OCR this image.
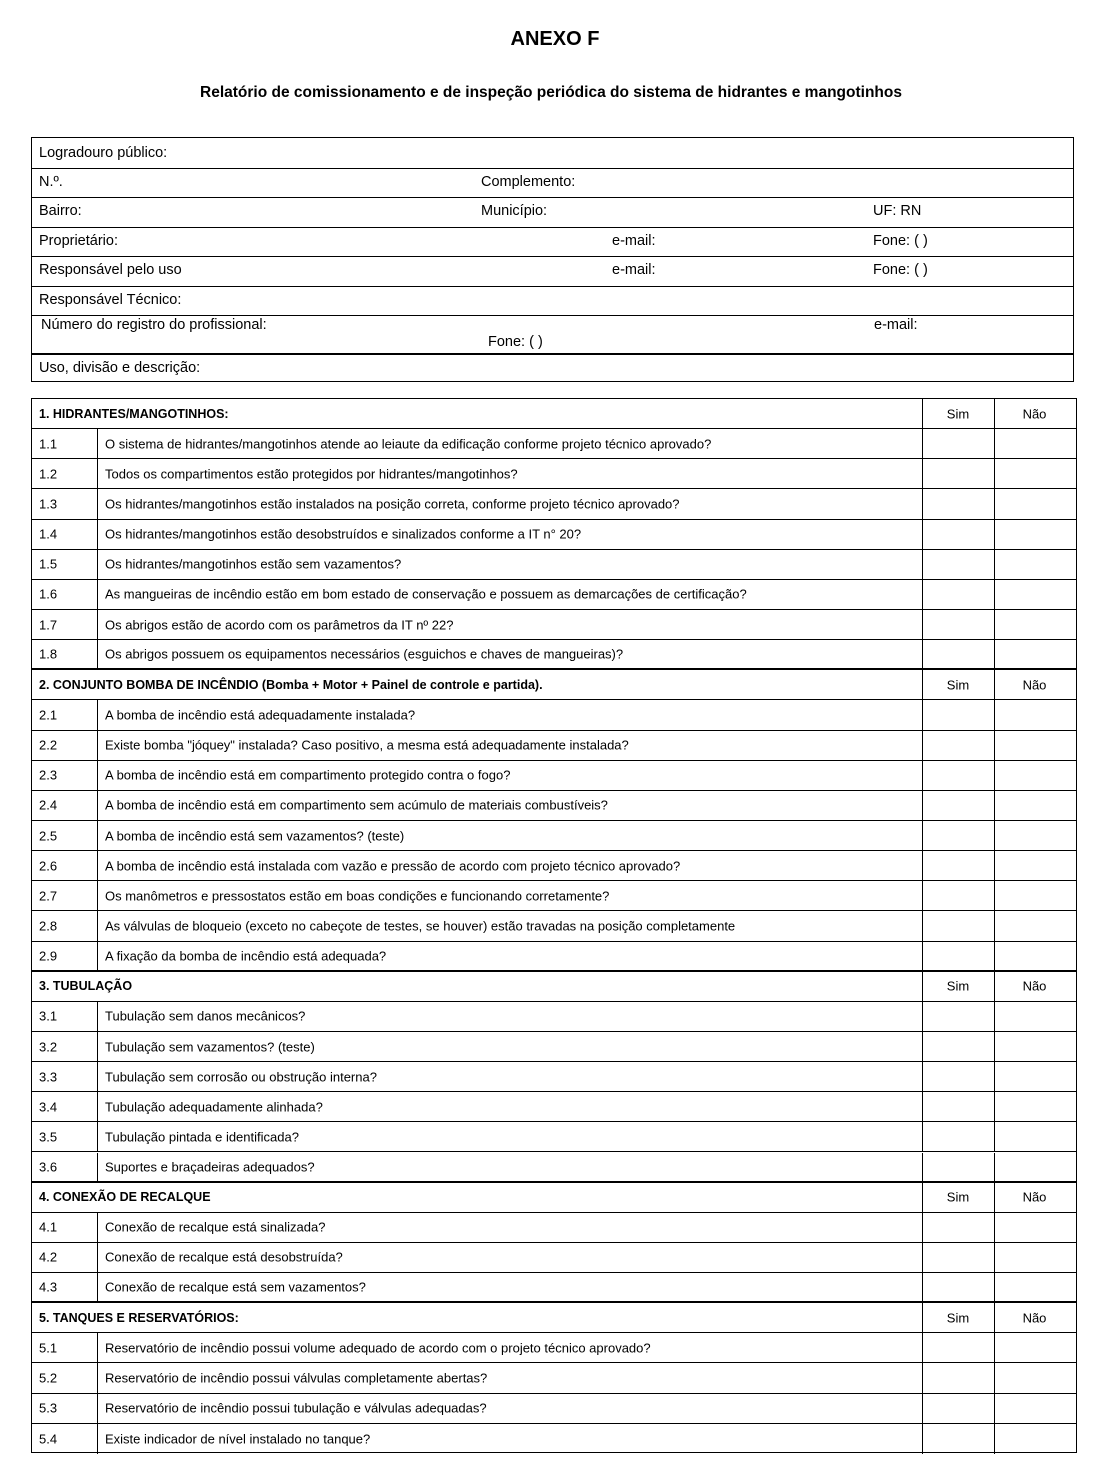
ANEXO F
Relatório de comissionamento e de inspeção periódica do sistema de hidrantes e mangotinhos
Logradouro público:
N.º.	Complemento:
Bairro:	Município:	UF: RN
Proprietário:	e-mail:	Fone: ( )
Responsável pelo uso	e-mail:	Fone: ( )
Responsável Técnico:
Número do registro do profissional:	e-mail:
Fone: ( )
Uso, divisão e descrição:
1. HIDRANTES/MANGOTINHOS:	Sim	Não
1.1	O sistema de hidrantes/mangotinhos atende ao leiaute da edificação conforme projeto técnico aprovado?
1.2	Todos os compartimentos estão protegidos por hidrantes/mangotinhos?
1.3	Os hidrantes/mangotinhos estão instalados na posição correta, conforme projeto técnico aprovado?
1.4	Os hidrantes/mangotinhos estão desobstruídos e sinalizados conforme a IT n° 20?
1.5	Os hidrantes/mangotinhos estão sem vazamentos?
1.6	As mangueiras de incêndio estão em bom estado de conservação e possuem as demarcações de certificação?
1.7	Os abrigos estão de acordo com os parâmetros da IT nº 22?
1.8	Os abrigos possuem os equipamentos necessários (esguichos e chaves de mangueiras)?
2. CONJUNTO BOMBA DE INCÊNDIO (Bomba + Motor + Painel de controle e partida).	Sim	Não
2.1	A bomba de incêndio está adequadamente instalada?
2.2	Existe bomba "jóquey" instalada? Caso positivo, a mesma está adequadamente instalada?
2.3	A bomba de incêndio está em compartimento protegido contra o fogo?
2.4	A bomba de incêndio está em compartimento sem acúmulo de materiais combustíveis?
2.5	A bomba de incêndio está sem vazamentos? (teste)
2.6	A bomba de incêndio está instalada com vazão e pressão de acordo com projeto técnico aprovado?
2.7	Os manômetros e pressostatos estão em boas condições e funcionando corretamente?
2.8	As válvulas de bloqueio (exceto no cabeçote de testes, se houver) estão travadas na posição completamente
2.9	A fixação da bomba de incêndio está adequada?
3. TUBULAÇÃO	Sim	Não
3.1	Tubulação sem danos mecânicos?
3.2	Tubulação sem vazamentos? (teste)
3.3	Tubulação sem corrosão ou obstrução interna?
3.4	Tubulação adequadamente alinhada?
3.5	Tubulação pintada e identificada?
3.6	Suportes e braçadeiras adequados?
4. CONEXÃO DE RECALQUE	Sim	Não
4.1	Conexão de recalque está sinalizada?
4.2	Conexão de recalque está desobstruída?
4.3	Conexão de recalque está sem vazamentos?
5. TANQUES E RESERVATÓRIOS:	Sim	Não
5.1	Reservatório de incêndio possui volume adequado de acordo com o projeto técnico aprovado?
5.2	Reservatório de incêndio possui válvulas completamente abertas?
5.3	Reservatório de incêndio possui tubulação e válvulas adequadas?
5.4	Existe indicador de nível instalado no tanque?
